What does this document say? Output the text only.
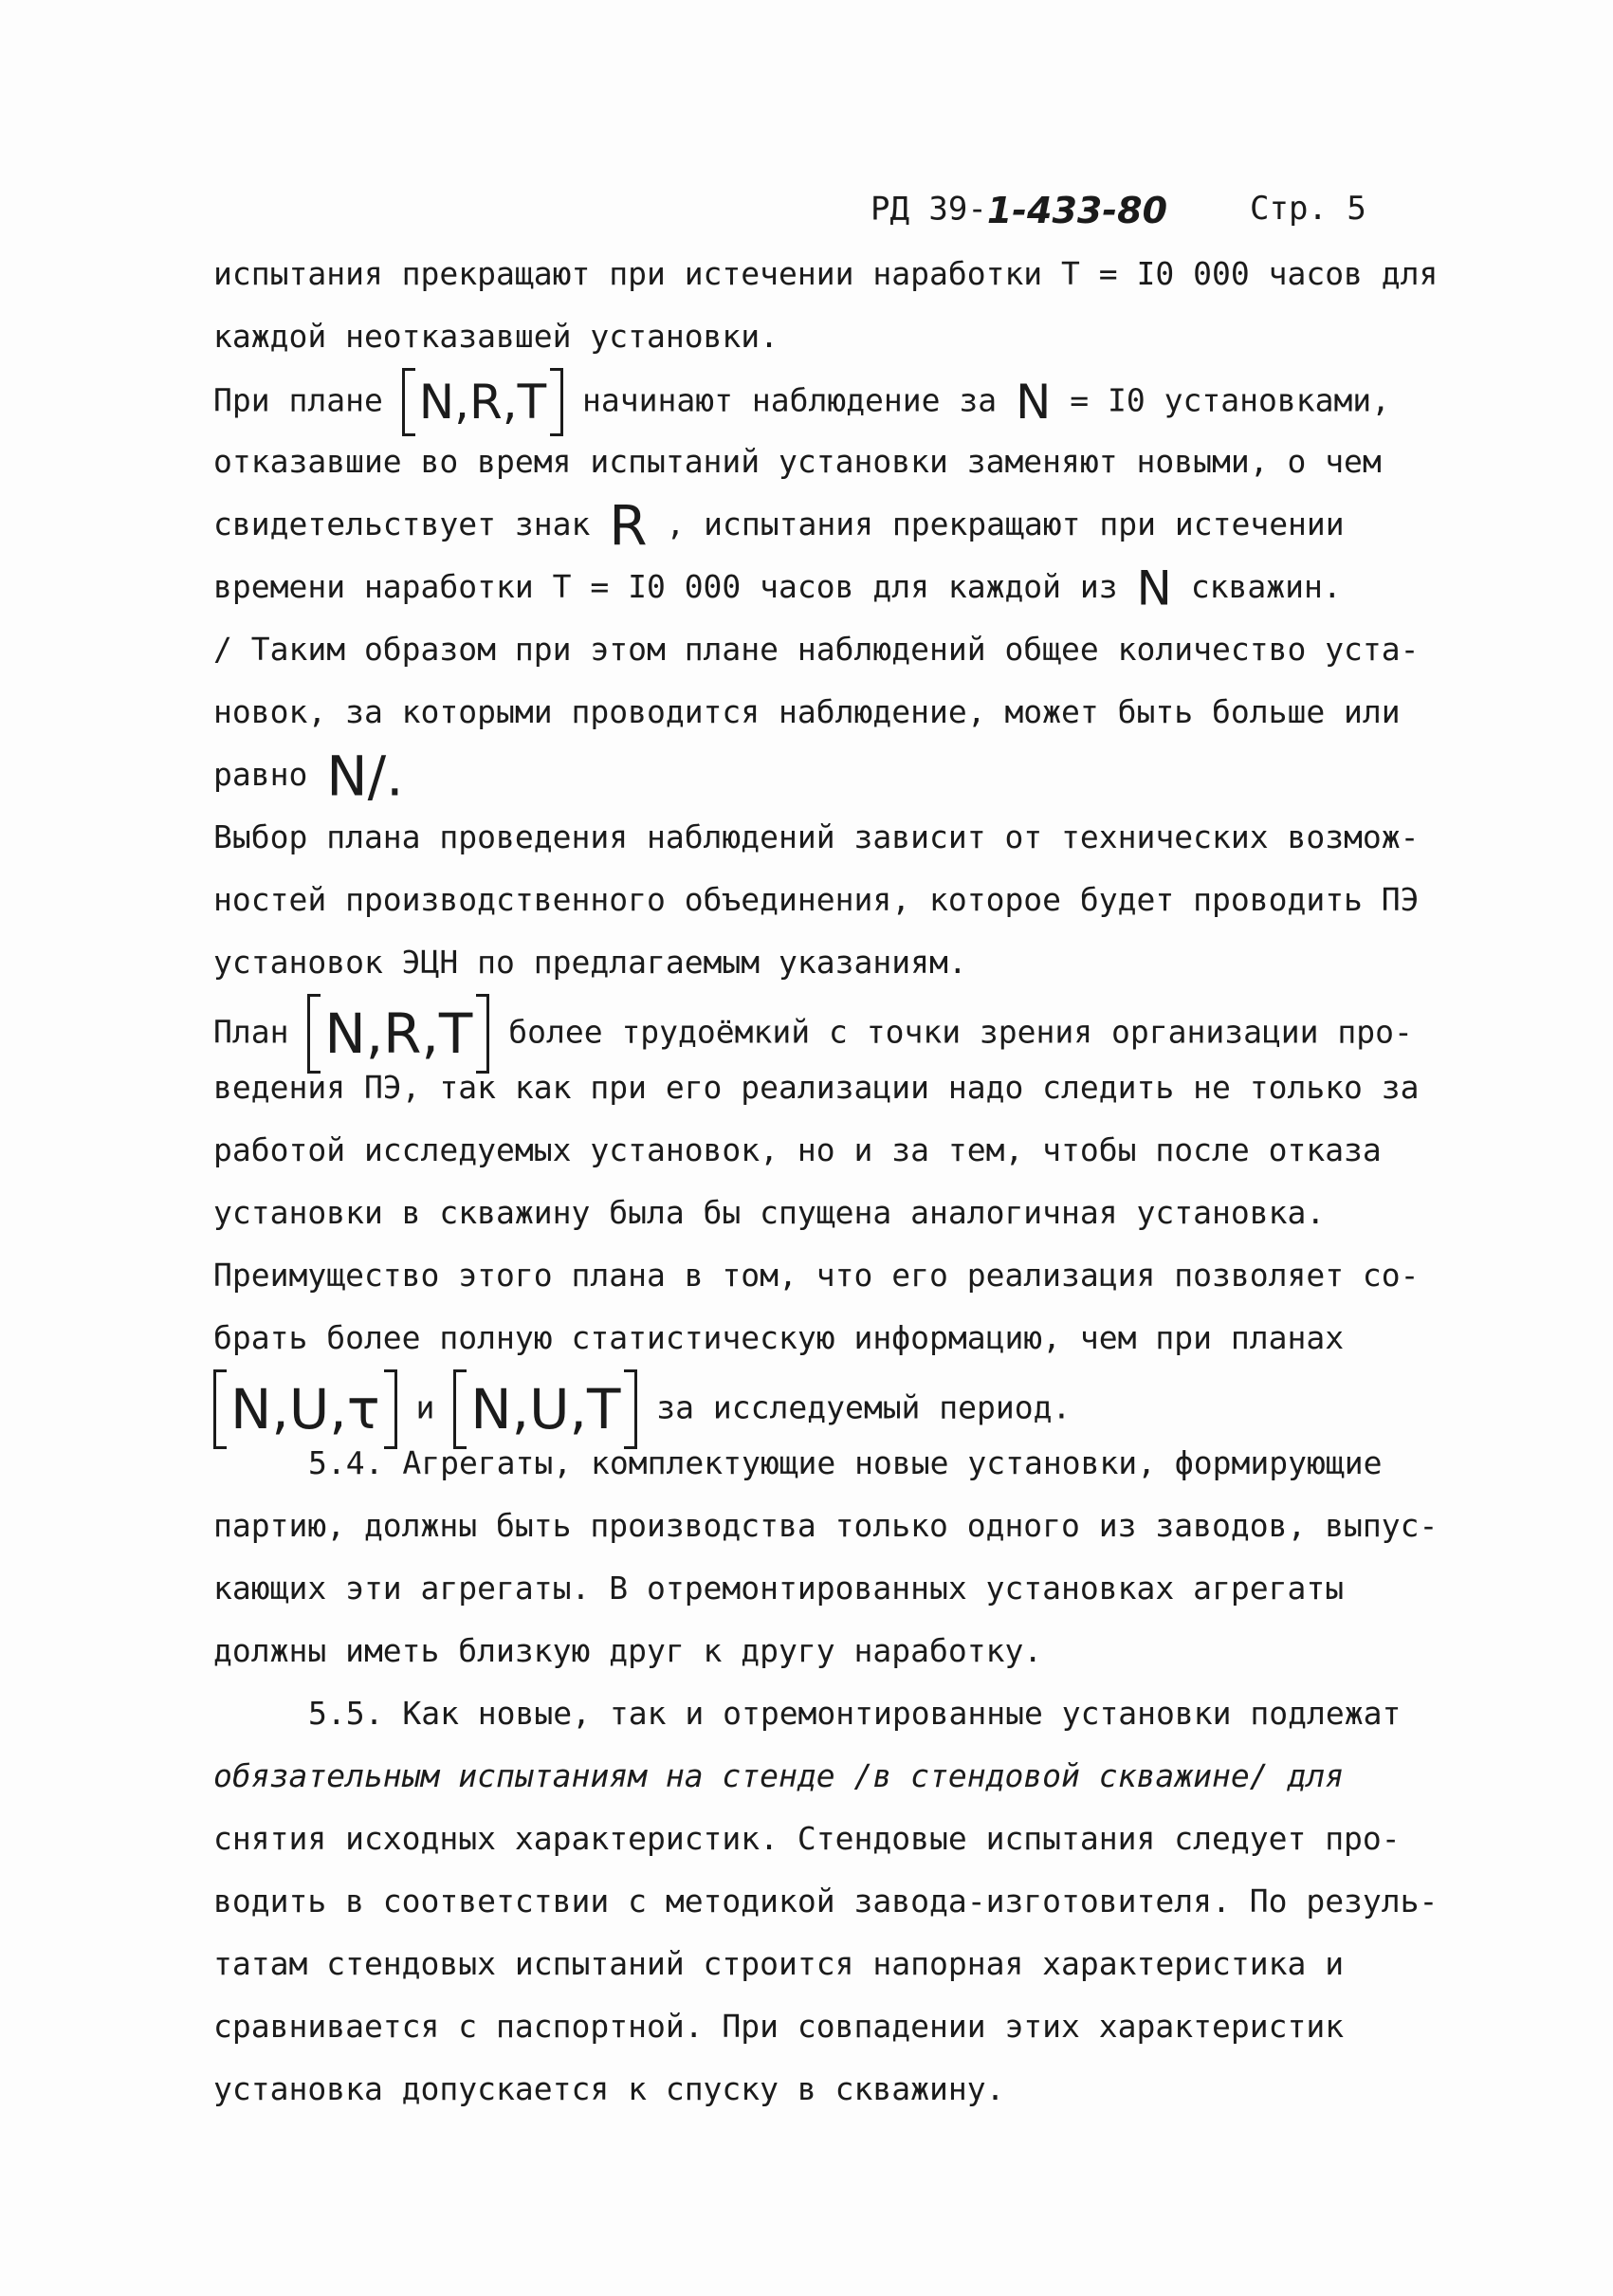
РД 39-1-433-80	Стр. 5
испытания прекращают при истечении наработки Т = I0 000 часов для
каждой неотказавшей установки.
При плане N,R,T начинают наблюдение за N = I0 установками,
отказавшие во время испытаний установки заменяют новыми, о чем
свидетельствует знак R , испытания прекращают при истечении
времени наработки Т = I0 000 часов для каждой из N скважин.
/ Таким образом при этом плане наблюдений общее количество уста-
новок, за которыми проводится наблюдение, может быть больше или
равно N/.
Выбор плана проведения наблюдений зависит от технических возмож-
ностей производственного объединения, которое будет проводить ПЭ
установок ЭЦН по предлагаемым указаниям.
План N,R,T более трудоёмкий с точки зрения организации про-
ведения ПЭ, так как при его реализации надо следить не только за
работой исследуемых установок, но и за тем, чтобы после отказа
установки в скважину была бы спущена аналогичная установка.
Преимущество этого плана в том, что его реализация позволяет со-
брать более полную статистическую информацию, чем при планах
N,U,τ и N,U,T за исследуемый период.
5.4. Агрегаты, комплектующие новые установки, формирующие
партию, должны быть производства только одного из заводов, выпус-
кающих эти агрегаты. В отремонтированных установках агрегаты
должны иметь близкую друг к другу наработку.
5.5. Как новые, так и отремонтированные установки подлежат
обязательным испытаниям на стенде /в стендовой скважине/ для
снятия исходных характеристик. Стендовые испытания следует про-
водить в соответствии с методикой завода-изготовителя. По резуль-
татам стендовых испытаний строится напорная характеристика и
сравнивается с паспортной. При совпадении этих характеристик
установка допускается к спуску в скважину.
